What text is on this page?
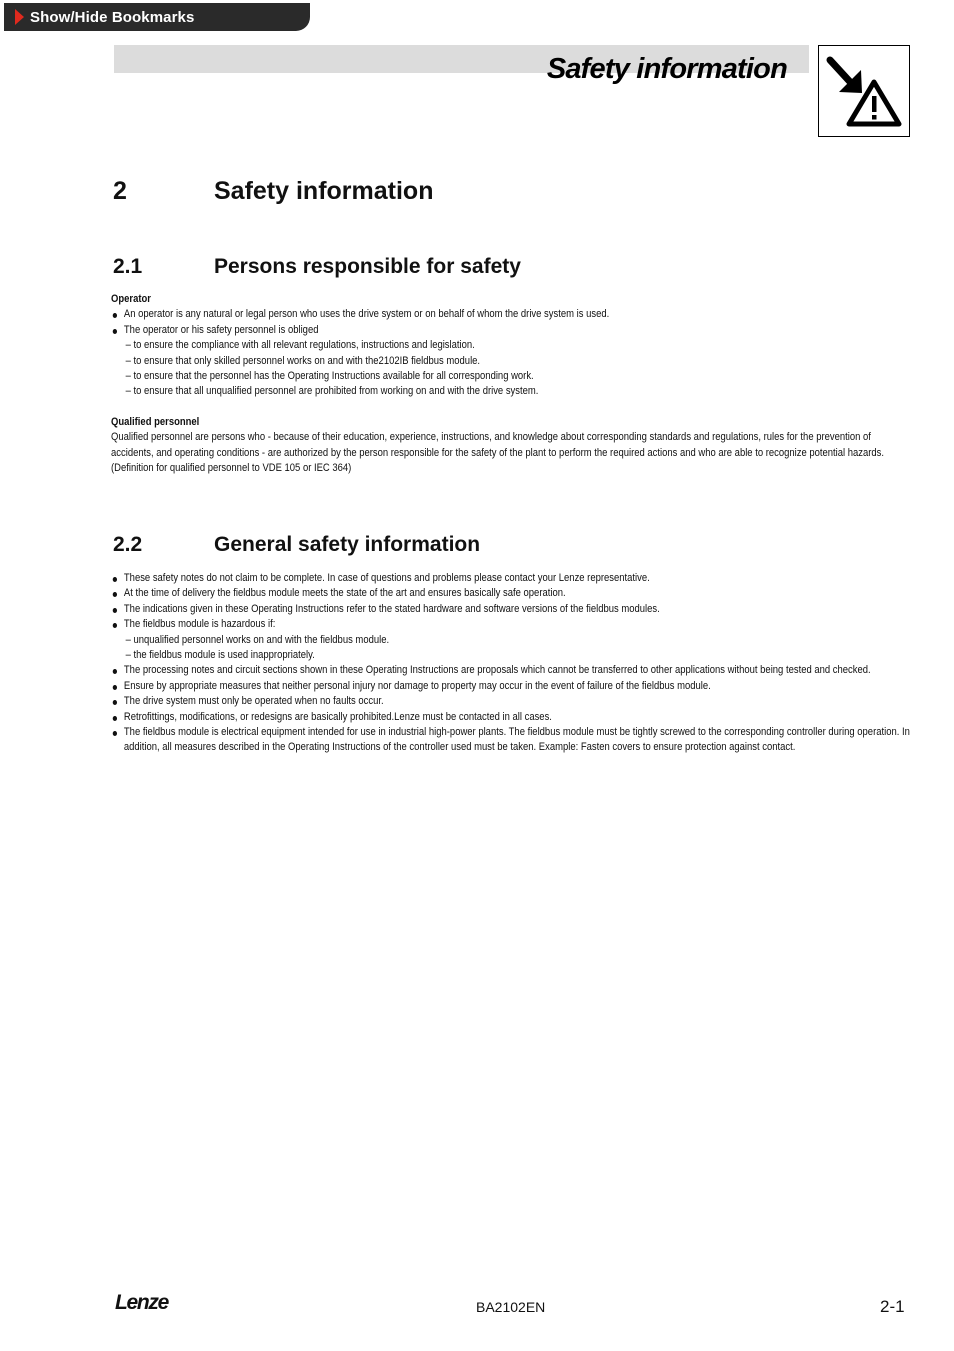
Show/Hide Bookmarks
Safety information
2	Safety information
2.1	Persons responsible for safety
Operator
An operator is any natural or legal person who uses the drive system or on behalf of whom the drive system is used.
The operator or his safety personnel is obliged
– to ensure the compliance with all relevant regulations, instructions and legislation.
– to ensure that only skilled personnel works on and with the2102IB fieldbus module.
– to ensure that the personnel has the Operating Instructions available for all corresponding work.
– to ensure that all unqualified personnel are prohibited from working on and with the drive system.
Qualified personnel
Qualified personnel are persons who - because of their education, experience, instructions, and knowledge about corresponding standards and regulations, rules for the prevention of accidents, and operating conditions - are authorized by the person responsible for the safety of the plant to perform the required actions and who are able to recognize potential hazards.
(Definition for qualified personnel to VDE 105 or IEC 364)
2.2	General safety information
These safety notes do not claim to be complete. In case of questions and problems please contact your Lenze representative.
At the time of delivery the fieldbus module meets the state of the art and ensures basically safe operation.
The indications given in these Operating Instructions refer to the stated hardware and software versions of the fieldbus modules.
The fieldbus module is hazardous if:
– unqualified personnel works on and with the fieldbus module.
– the fieldbus module is used inappropriately.
The processing notes and circuit sections shown in these Operating Instructions are proposals which cannot be transferred to other applications without being tested and checked.
Ensure by appropriate measures that neither personal injury nor damage to property may occur in the event of failure of the fieldbus module.
The drive system must only be operated when no faults occur.
Retrofittings, modifications, or redesigns are basically prohibited.Lenze must be contacted in all cases.
The fieldbus module is electrical equipment intended for use in industrial high-power plants. The fieldbus module must be tightly screwed to the corresponding controller during operation. In addition, all measures described in the Operating Instructions of the controller used must be taken. Example: Fasten covers to ensure protection against contact.
Lenze	BA2102EN	2-1
